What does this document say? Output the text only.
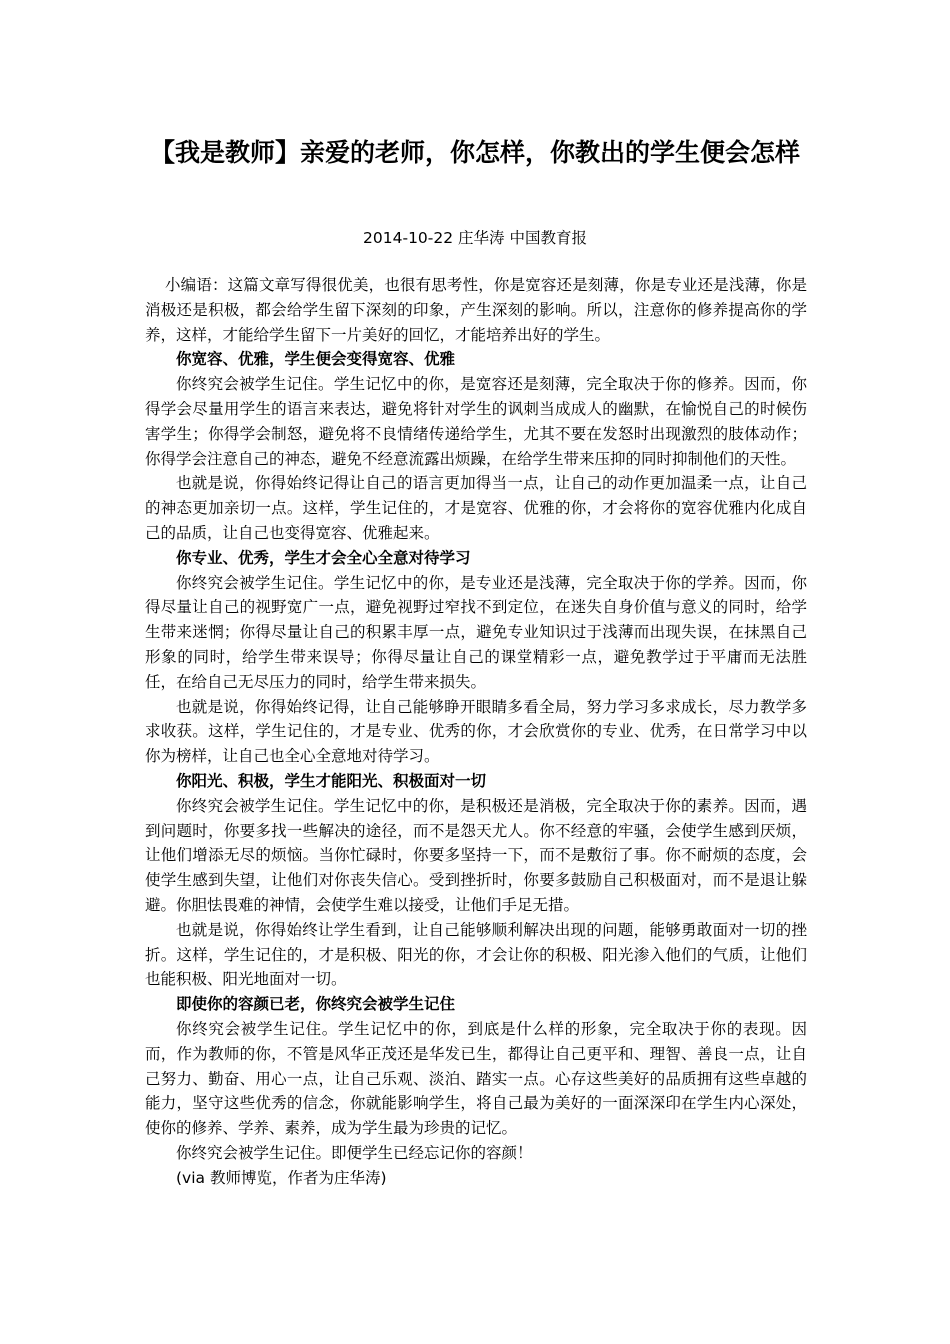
【我是教师】亲爱的老师，你怎样，你教出的学生便会怎样
2014-10-22 庄华涛 中国教育报

小编语：这篇文章写得很优美，也很有思考性，你是宽容还是刻薄，你是专业还是浅薄，你是消极还是积极，都会给学生留下深刻的印象，产生深刻的影响。所以，注意你的修养提高你的学养，这样，才能给学生留下一片美好的回忆，才能培养出好的学生。

你宽容、优雅，学生便会变得宽容、优雅

你终究会被学生记住。学生记忆中的你，是宽容还是刻薄，完全取决于你的修养。因而，你得学会尽量用学生的语言来表达，避免将针对学生的讽刺当成成人的幽默，在愉悦自己的时候伤害学生；你得学会制怒，避免将不良情绪传递给学生，尤其不要在发怒时出现激烈的肢体动作；你得学会注意自己的神态，避免不经意流露出烦躁，在给学生带来压抑的同时抑制他们的天性。

也就是说，你得始终记得让自己的语言更加得当一点，让自己的动作更加温柔一点，让自己的神态更加亲切一点。这样，学生记住的，才是宽容、优雅的你，才会将你的宽容优雅内化成自己的品质，让自己也变得宽容、优雅起来。

你专业、优秀，学生才会全心全意对待学习

你终究会被学生记住。学生记忆中的你，是专业还是浅薄，完全取决于你的学养。因而，你得尽量让自己的视野宽广一点，避免视野过窄找不到定位，在迷失自身价值与意义的同时，给学生带来迷惘；你得尽量让自己的积累丰厚一点，避免专业知识过于浅薄而出现失误，在抹黑自己形象的同时，给学生带来误导；你得尽量让自己的课堂精彩一点，避免教学过于平庸而无法胜任，在给自己无尽压力的同时，给学生带来损失。

也就是说，你得始终记得，让自己能够睁开眼睛多看全局，努力学习多求成长，尽力教学多求收获。这样，学生记住的，才是专业、优秀的你，才会欣赏你的专业、优秀，在日常学习中以你为榜样，让自己也全心全意地对待学习。

你阳光、积极，学生才能阳光、积极面对一切

你终究会被学生记住。学生记忆中的你，是积极还是消极，完全取决于你的素养。因而，遇到问题时，你要多找一些解决的途径，而不是怨天尤人。你不经意的牢骚，会使学生感到厌烦，让他们增添无尽的烦恼。当你忙碌时，你要多坚持一下，而不是敷衍了事。你不耐烦的态度，会使学生感到失望，让他们对你丧失信心。受到挫折时，你要多鼓励自己积极面对，而不是退让躲避。你胆怯畏难的神情，会使学生难以接受，让他们手足无措。

也就是说，你得始终让学生看到，让自己能够顺利解决出现的问题，能够勇敢面对一切的挫折。这样，学生记住的，才是积极、阳光的你，才会让你的积极、阳光渗入他们的气质，让他们也能积极、阳光地面对一切。

即使你的容颜已老，你终究会被学生记住

你终究会被学生记住。学生记忆中的你，到底是什么样的形象，完全取决于你的表现。因而，作为教师的你，不管是风华正茂还是华发已生，都得让自己更平和、理智、善良一点，让自己努力、勤奋、用心一点，让自己乐观、淡泊、踏实一点。心存这些美好的品质拥有这些卓越的能力，坚守这些优秀的信念，你就能影响学生，将自己最为美好的一面深深印在学生内心深处，使你的修养、学养、素养，成为学生最为珍贵的记忆。

你终究会被学生记住。即便学生已经忘记你的容颜！

(via 教师博览，作者为庄华涛)
